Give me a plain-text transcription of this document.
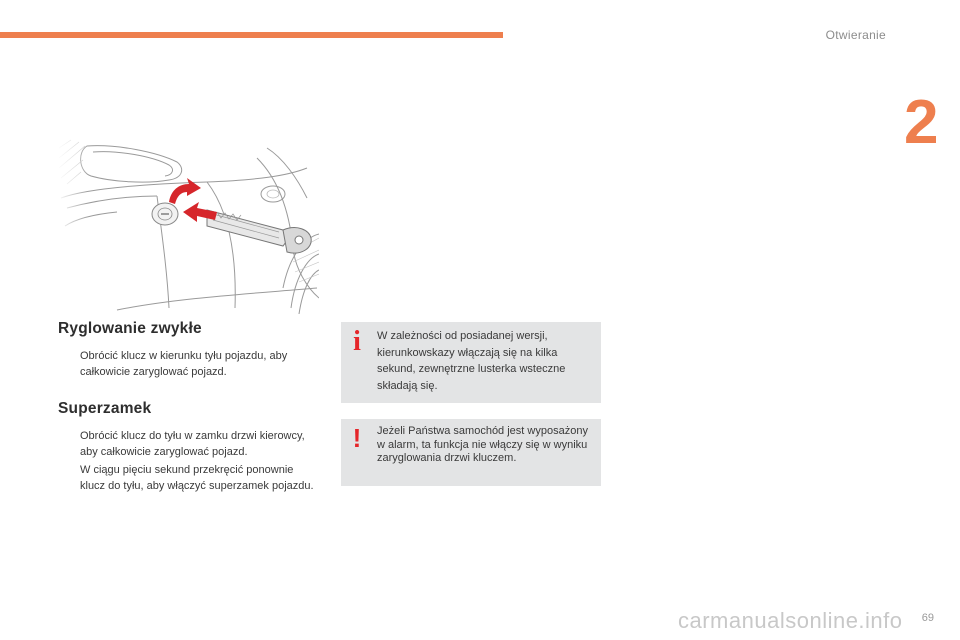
Otwieranie
2
Ryglowanie zwykłe
Obrócić klucz w kierunku tyłu pojazdu, aby całkowicie zaryglować pojazd.
Superzamek
Obrócić klucz do tyłu w zamku drzwi kierowcy, aby całkowicie zaryglować pojazd.
W ciągu pięciu sekund przekręcić ponownie klucz do tyłu, aby włączyć superzamek pojazdu.
i	W zależności od posiadanej wersji, kierunkowskazy włączają się na kilka sekund, zewnętrzne lusterka wsteczne składają się.
!	Jeżeli Państwa samochód jest wyposażony w alarm, ta funkcja nie włączy się w wyniku zaryglowania drzwi kluczem.
carmanualsonline.info 69
